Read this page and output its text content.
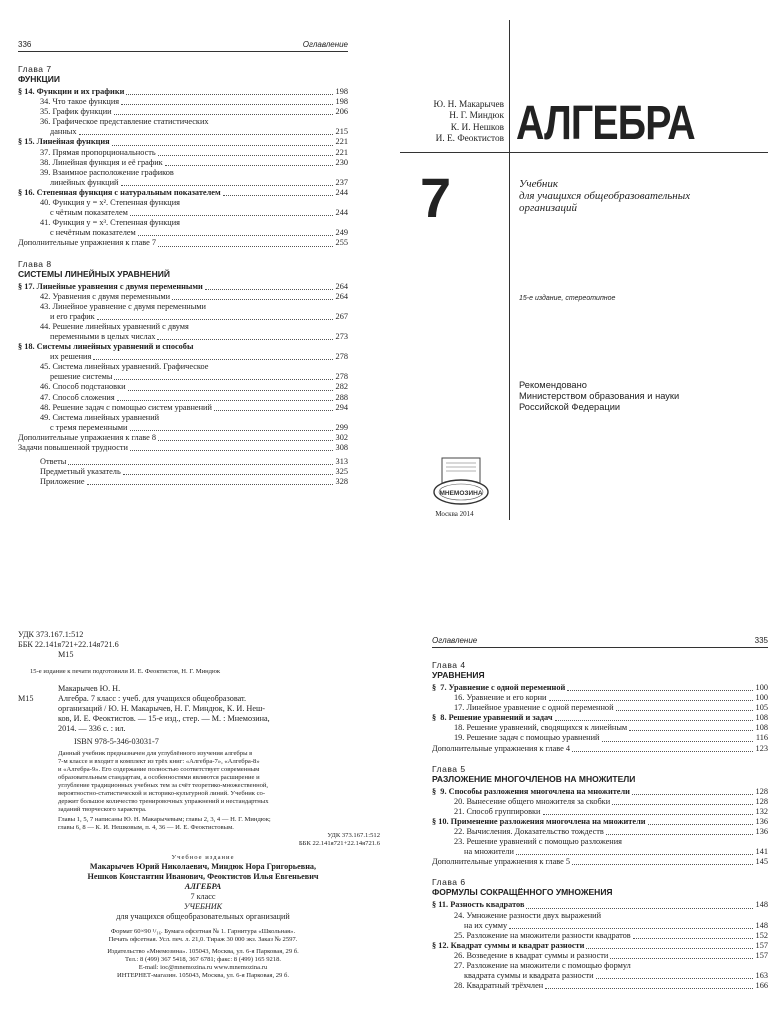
336	Оглавление
Глава 7
ФУНКЦИИ
§ 14. Функции и их графики	198
34. Что такое функция	198
35. График функции	206
36. Графическое представление статистических
данных	215
§ 15. Линейная функция	221
37. Прямая пропорциональность	221
38. Линейная функция и её график	230
39. Взаимное расположение графиков
линейных функций	237
§ 16. Степенная функция с натуральным показателем	244
40. Функция y = x². Степенная функция
с чётным показателем	244
41. Функция y = x³. Степенная функция
с нечётным показателем	249
Дополнительные упражнения к главе 7	255
Глава 8
СИСТЕМЫ ЛИНЕЙНЫХ УРАВНЕНИЙ
§ 17. Линейные уравнения с двумя переменными	264
42. Уравнения с двумя переменными	264
43. Линейное уравнение с двумя переменными
и его график	267
44. Решение линейных уравнений с двумя
переменными в целых числах	273
§ 18. Системы линейных уравнений и способы
их решения	278
45. Система линейных уравнений. Графическое
решение системы	278
46. Способ подстановки	282
47. Способ сложения	288
48. Решение задач с помощью систем уравнений	294
49. Система линейных уравнений
с тремя переменными	299
Дополнительные упражнения к главе 8	302
Задачи повышенной трудности	308
Ответы	313
Предметный указатель	325
Приложение	328
Ю. Н. Макарычев
Н. Г. Миндюк
К. И. Нешков
И. Е. Феоктистов АЛГЕБРА
7	Учебник
для учащихся общеобразовательных
организаций
15-е издание, стереотипное
Рекомендовано
Министерством образования и науки
Российской Федерации
МНЕМОЗИНА
Москва 2014
УДК 373.167.1:512
ББК 22.141я721+22.14я721.6
М15
15-е издание к печати подготовили И. Е. Феоктистов, Н. Г. Миндюк
Макарычев Ю. Н.
М15	Алгебра. 7 класс : учеб. для учащихся общеобразоват.
организаций / Ю. Н. Макарычев, Н. Г. Миндюк, К. И. Неш-
ков, И. Е. Феоктистов. — 15-е изд., стер. — М. : Мнемозина,
2014. — 336 с. : ил.
ISBN 978-5-346-03031-7
Данный учебник предназначен для углублённого изучения алгебры в
7-м классе и входит в комплект из трёх книг: «Алгебра-7», «Алгебра-8»
и «Алгебра-9». Его содержание полностью соответствует современным
образовательным стандартам, а особенностями являются расширение и
углубление традиционных учебных тем за счёт теоретико-множественной,
вероятностно-статистической и историко-культурной линий. Учебник со-
держит большое количество тренировочных упражнений и нестандартных
заданий творческого характера.
Главы 1, 5, 7 написаны Ю. Н. Макарычевым; главы 2, 3, 4 — Н. Г. Миндюк;
главы 6, 8 — К. И. Нешковым, п. 4, 36 — И. Е. Феоктистовым.
УДК 373.167.1:512
ББК 22.141я721+22.14я721.6
Учебное издание
Макарычев Юрий Николаевич, Миндюк Нора Григорьевна,
Нешков Константин Иванович, Феоктистов Илья Евгеньевич
АЛГЕБРА
7 класс
УЧЕБНИК
для учащихся общеобразовательных организаций
Формат 60×90 ¹/₁₆. Бумага офсетная № 1. Гарнитура «Школьная».
Печать офсетная. Усл. печ. л. 21,0. Тираж 30 000 экз. Заказ № 2597.
Издательство «Мнемозина». 105043, Москва, ул. 6-я Парковая, 29 б.
Тел.: 8 (499) 367 5418, 367 6781; факс: 8 (499) 165 9218.
E-mail: ioc@mnemozina.ru www.mnemozina.ru
ИНТЕРНЕТ-магазин. 105043, Москва, ул. 6-я Парковая, 29 б.
Оглавление	335
Глава 4
УРАВНЕНИЯ
§  7. Уравнение с одной переменной	100
16. Уравнение и его корни	100
17. Линейное уравнение с одной переменной	105
§  8. Решение уравнений и задач	108
18. Решение уравнений, сводящихся к линейным	108
19. Решение задач с помощью уравнений	116
Дополнительные упражнения к главе 4	123
Глава 5
РАЗЛОЖЕНИЕ МНОГОЧЛЕНОВ НА МНОЖИТЕЛИ
§  9. Способы разложения многочлена на множители	128
20. Вынесение общего множителя за скобки	128
21. Способ группировки	132
§ 10. Применение разложения многочлена на множители	136
22. Вычисления. Доказательство тождеств	136
23. Решение уравнений с помощью разложения
на множители	141
Дополнительные упражнения к главе 5	145
Глава 6
ФОРМУЛЫ СОКРАЩЁННОГО УМНОЖЕНИЯ
§ 11. Разность квадратов	148
24. Умножение разности двух выражений
на их сумму	148
25. Разложение на множители разности квадратов	152
§ 12. Квадрат суммы и квадрат разности	157
26. Возведение в квадрат суммы и разности	157
27. Разложение на множители с помощью формул
квадрата суммы и квадрата разности	163
28. Квадратный трёхчлен	166
